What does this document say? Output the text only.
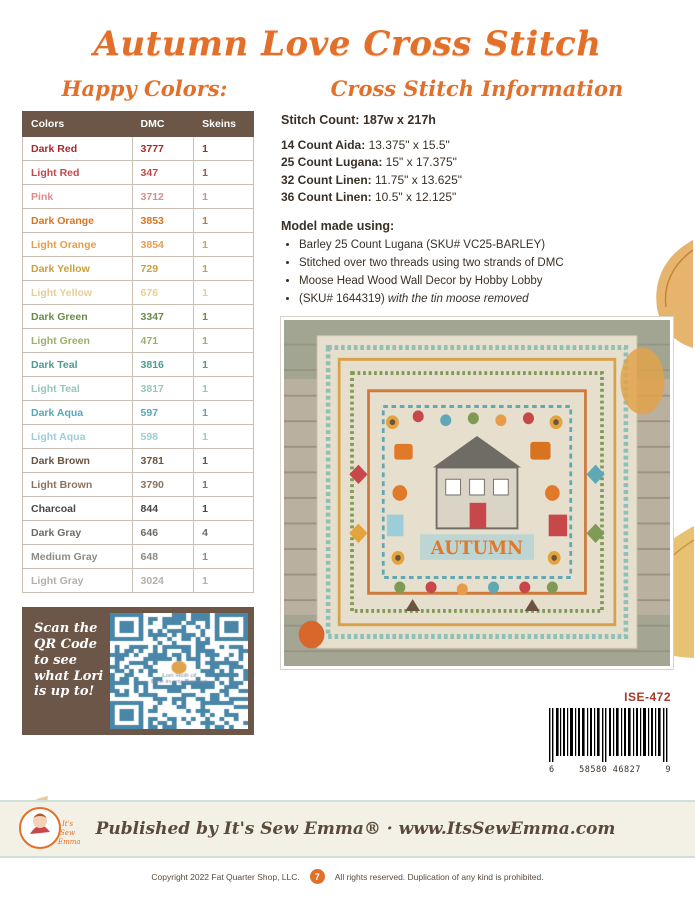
Autumn Love Cross Stitch
Happy Colors:
Colors	DMC	Skeins
Dark Red	3777	1
Light Red	347	1
Pink	3712	1
Dark Orange	3853	1
Light Orange	3854	1
Dark Yellow	729	1
Light Yellow	676	1
Dark Green	3347	1
Light Green	471	1
Dark Teal	3816	1
Light Teal	3817	1
Dark Aqua	597	1
Light Aqua	598	1
Dark Brown	3781	1
Light Brown	3790	1
Charcoal	844	1
Dark Gray	646	4
Medium Gray	648	1
Light Gray	3024	1
Scan the
QR Code
to see
what Lori
is up to!
Cross Stitch Information
Stitch Count: 187w x 217h
14 Count Aida: 13.375" x 15.5"
25 Count Lugana: 15" x 17.375"
32 Count Linen: 11.75" x 13.625"
36 Count Linen: 10.5" x 12.125"
Model made using:
• Barley 25 Count Lugana (SKU# VC25-BARLEY)
• Stitched over two threads using two strands of DMC
• Moose Head Wood Wall Decor by Hobby Lobby
• (SKU# 1644319) with the tin moose removed
AUTUMN
ISE-472
6	58580 46827	9
It's
Sew
Emma
Published by It's Sew Emma® · www.ItsSewEmma.com
Copyright 2022 Fat Quarter Shop, LLC.	7	All rights reserved. Duplication of any kind is prohibited.
